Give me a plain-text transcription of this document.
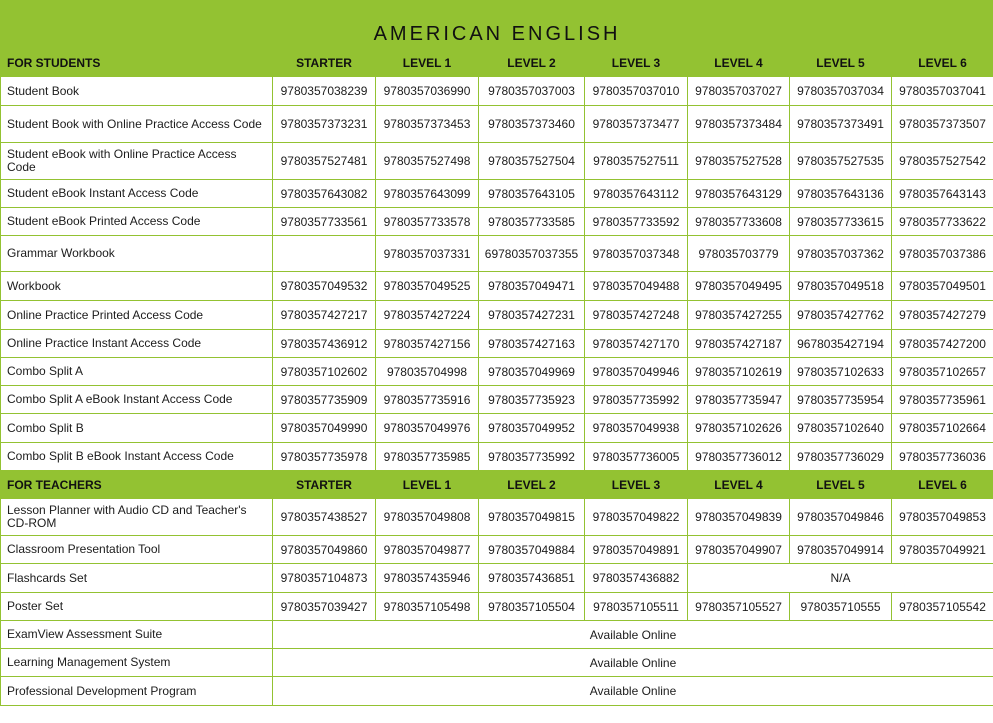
AMERICAN ENGLISH							
FOR STUDENTS	STARTER	LEVEL 1	LEVEL 2	LEVEL 3	LEVEL 4	LEVEL 5	LEVEL 6
Student Book	9780357038239	9780357036990	9780357037003	9780357037010	9780357037027	9780357037034	9780357037041
Student Book with Online Practice Access Code	9780357373231	9780357373453	9780357373460	9780357373477	9780357373484	9780357373491	9780357373507
Student eBook with Online Practice Access Code	9780357527481	9780357527498	9780357527504	9780357527511	9780357527528	9780357527535	9780357527542
Student eBook Instant Access Code	9780357643082	9780357643099	9780357643105	9780357643112	9780357643129	9780357643136	9780357643143
Student eBook Printed Access Code	9780357733561	9780357733578	9780357733585	9780357733592	9780357733608	9780357733615	9780357733622
Grammar Workbook		9780357037331	69780357037355	9780357037348	978035703779	9780357037362	9780357037386
Workbook	9780357049532	9780357049525	9780357049471	9780357049488	9780357049495	9780357049518	9780357049501
Online Practice Printed Access Code	9780357427217	9780357427224	9780357427231	9780357427248	9780357427255	9780357427762	9780357427279
Online Practice Instant Access Code	9780357436912	9780357427156	9780357427163	9780357427170	9780357427187	9678035427194	9780357427200
Combo Split A	9780357102602	978035704998	9780357049969	9780357049946	9780357102619	9780357102633	9780357102657
Combo Split A eBook Instant Access Code	9780357735909	9780357735916	9780357735923	9780357735992	9780357735947	9780357735954	9780357735961
Combo Split B	9780357049990	9780357049976	9780357049952	9780357049938	9780357102626	9780357102640	9780357102664
Combo Split B eBook Instant Access Code	9780357735978	9780357735985	9780357735992	9780357736005	9780357736012	9780357736029	9780357736036
FOR TEACHERS	STARTER	LEVEL 1	LEVEL 2	LEVEL 3	LEVEL 4	LEVEL 5	LEVEL 6
Lesson Planner with Audio CD and Teacher's CD-ROM	9780357438527	9780357049808	9780357049815	9780357049822	9780357049839	9780357049846	9780357049853
Classroom Presentation Tool	9780357049860	9780357049877	9780357049884	9780357049891	9780357049907	9780357049914	9780357049921
Flashcards Set	9780357104873	9780357435946	9780357436851	9780357436882	N/A		
Poster Set	9780357039427	9780357105498	9780357105504	9780357105511	9780357105527	978035710555	9780357105542
ExamView Assessment Suite	Available Online						
Learning Management System	Available Online						
Professional Development Program	Available Online						
